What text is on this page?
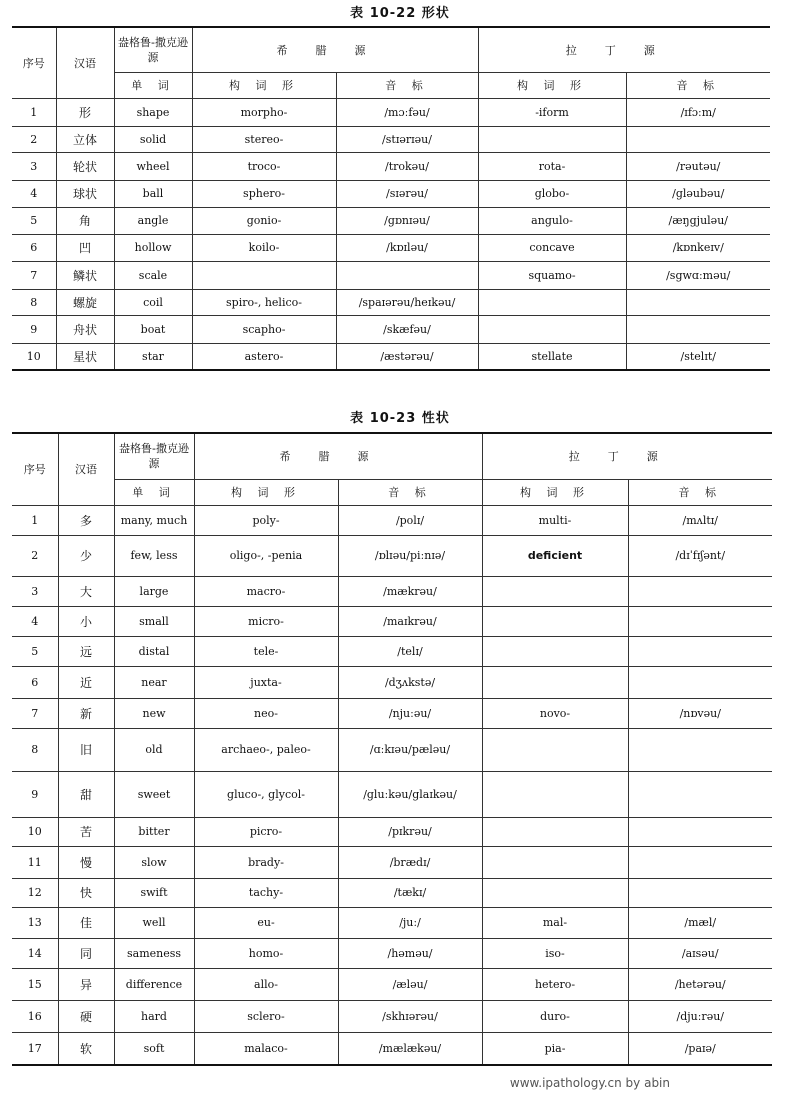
表 10-22 形状
序号	汉语	盎格鲁-撒克逊源	希腊源		拉丁源	
		单 词	构 词 形	音 标	构 词 形	音 标
1	形	shape	morpho-	/mɔːfəu/	-iform	/ɪfɔːm/
2	立体	solid	stereo-	/stɪərɪəu/		
3	轮状	wheel	troco-	/trokəu/	rota-	/rəutəu/
4	球状	ball	sphero-	/sɪərəu/	globo-	/gləubəu/
5	角	angle	gonio-	/gɒnɪəu/	angulo-	/æŋgjuləu/
6	凹	hollow	koilo-	/kɒɪləu/	concave	/kɒnkeɪv/
7	鳞状	scale			squamo-	/sgwɑːməu/
8	螺旋	coil	spiro-, helico-	/spaɪərəu/heɪkəu/		
9	舟状	boat	scapho-	/skæfəu/		
10	星状	star	astero-	/æstərəu/	stellate	/stelɪt/
表 10-23 性状
序号	汉语	盎格鲁-撒克逊源	希腊源		拉丁源	
		单 词	构 词 形	音 标	构 词 形	音 标
1	多	many, much	poly-	/polɪ/	multi-	/mʌltɪ/
2	少	few, less	oligo-, -penia	/ɒlɪəu/piːnɪə/	deficient	/dɪˈfɪʃənt/
3	大	large	macro-	/mækrəu/		
4	小	small	micro-	/maɪkrəu/		
5	远	distal	tele-	/telɪ/		
6	近	near	juxta-	/dʒʌkstə/		
7	新	new	neo-	/njuːəu/	novo-	/nɒvəu/
8	旧	old	archaeo-, paleo-	/ɑːkɪəu/pæləu/		
9	甜	sweet	gluco-, glycol-	/gluːkəu/glaɪkəu/		
10	苦	bitter	picro-	/pɪkrəu/		
11	慢	slow	brady-	/brædɪ/		
12	快	swift	tachy-	/tækɪ/		
13	佳	well	eu-	/juː/	mal-	/mæl/
14	同	sameness	homo-	/həməu/	iso-	/aɪsəu/
15	异	difference	allo-	/æləu/	hetero-	/hetərəu/
16	硬	hard	sclero-	/skhɪərəu/	duro-	/djuːrəu/
17	软	soft	malaco-	/mælækəu/	pia-	/paɪə/
www.ipathology.cn by abin
